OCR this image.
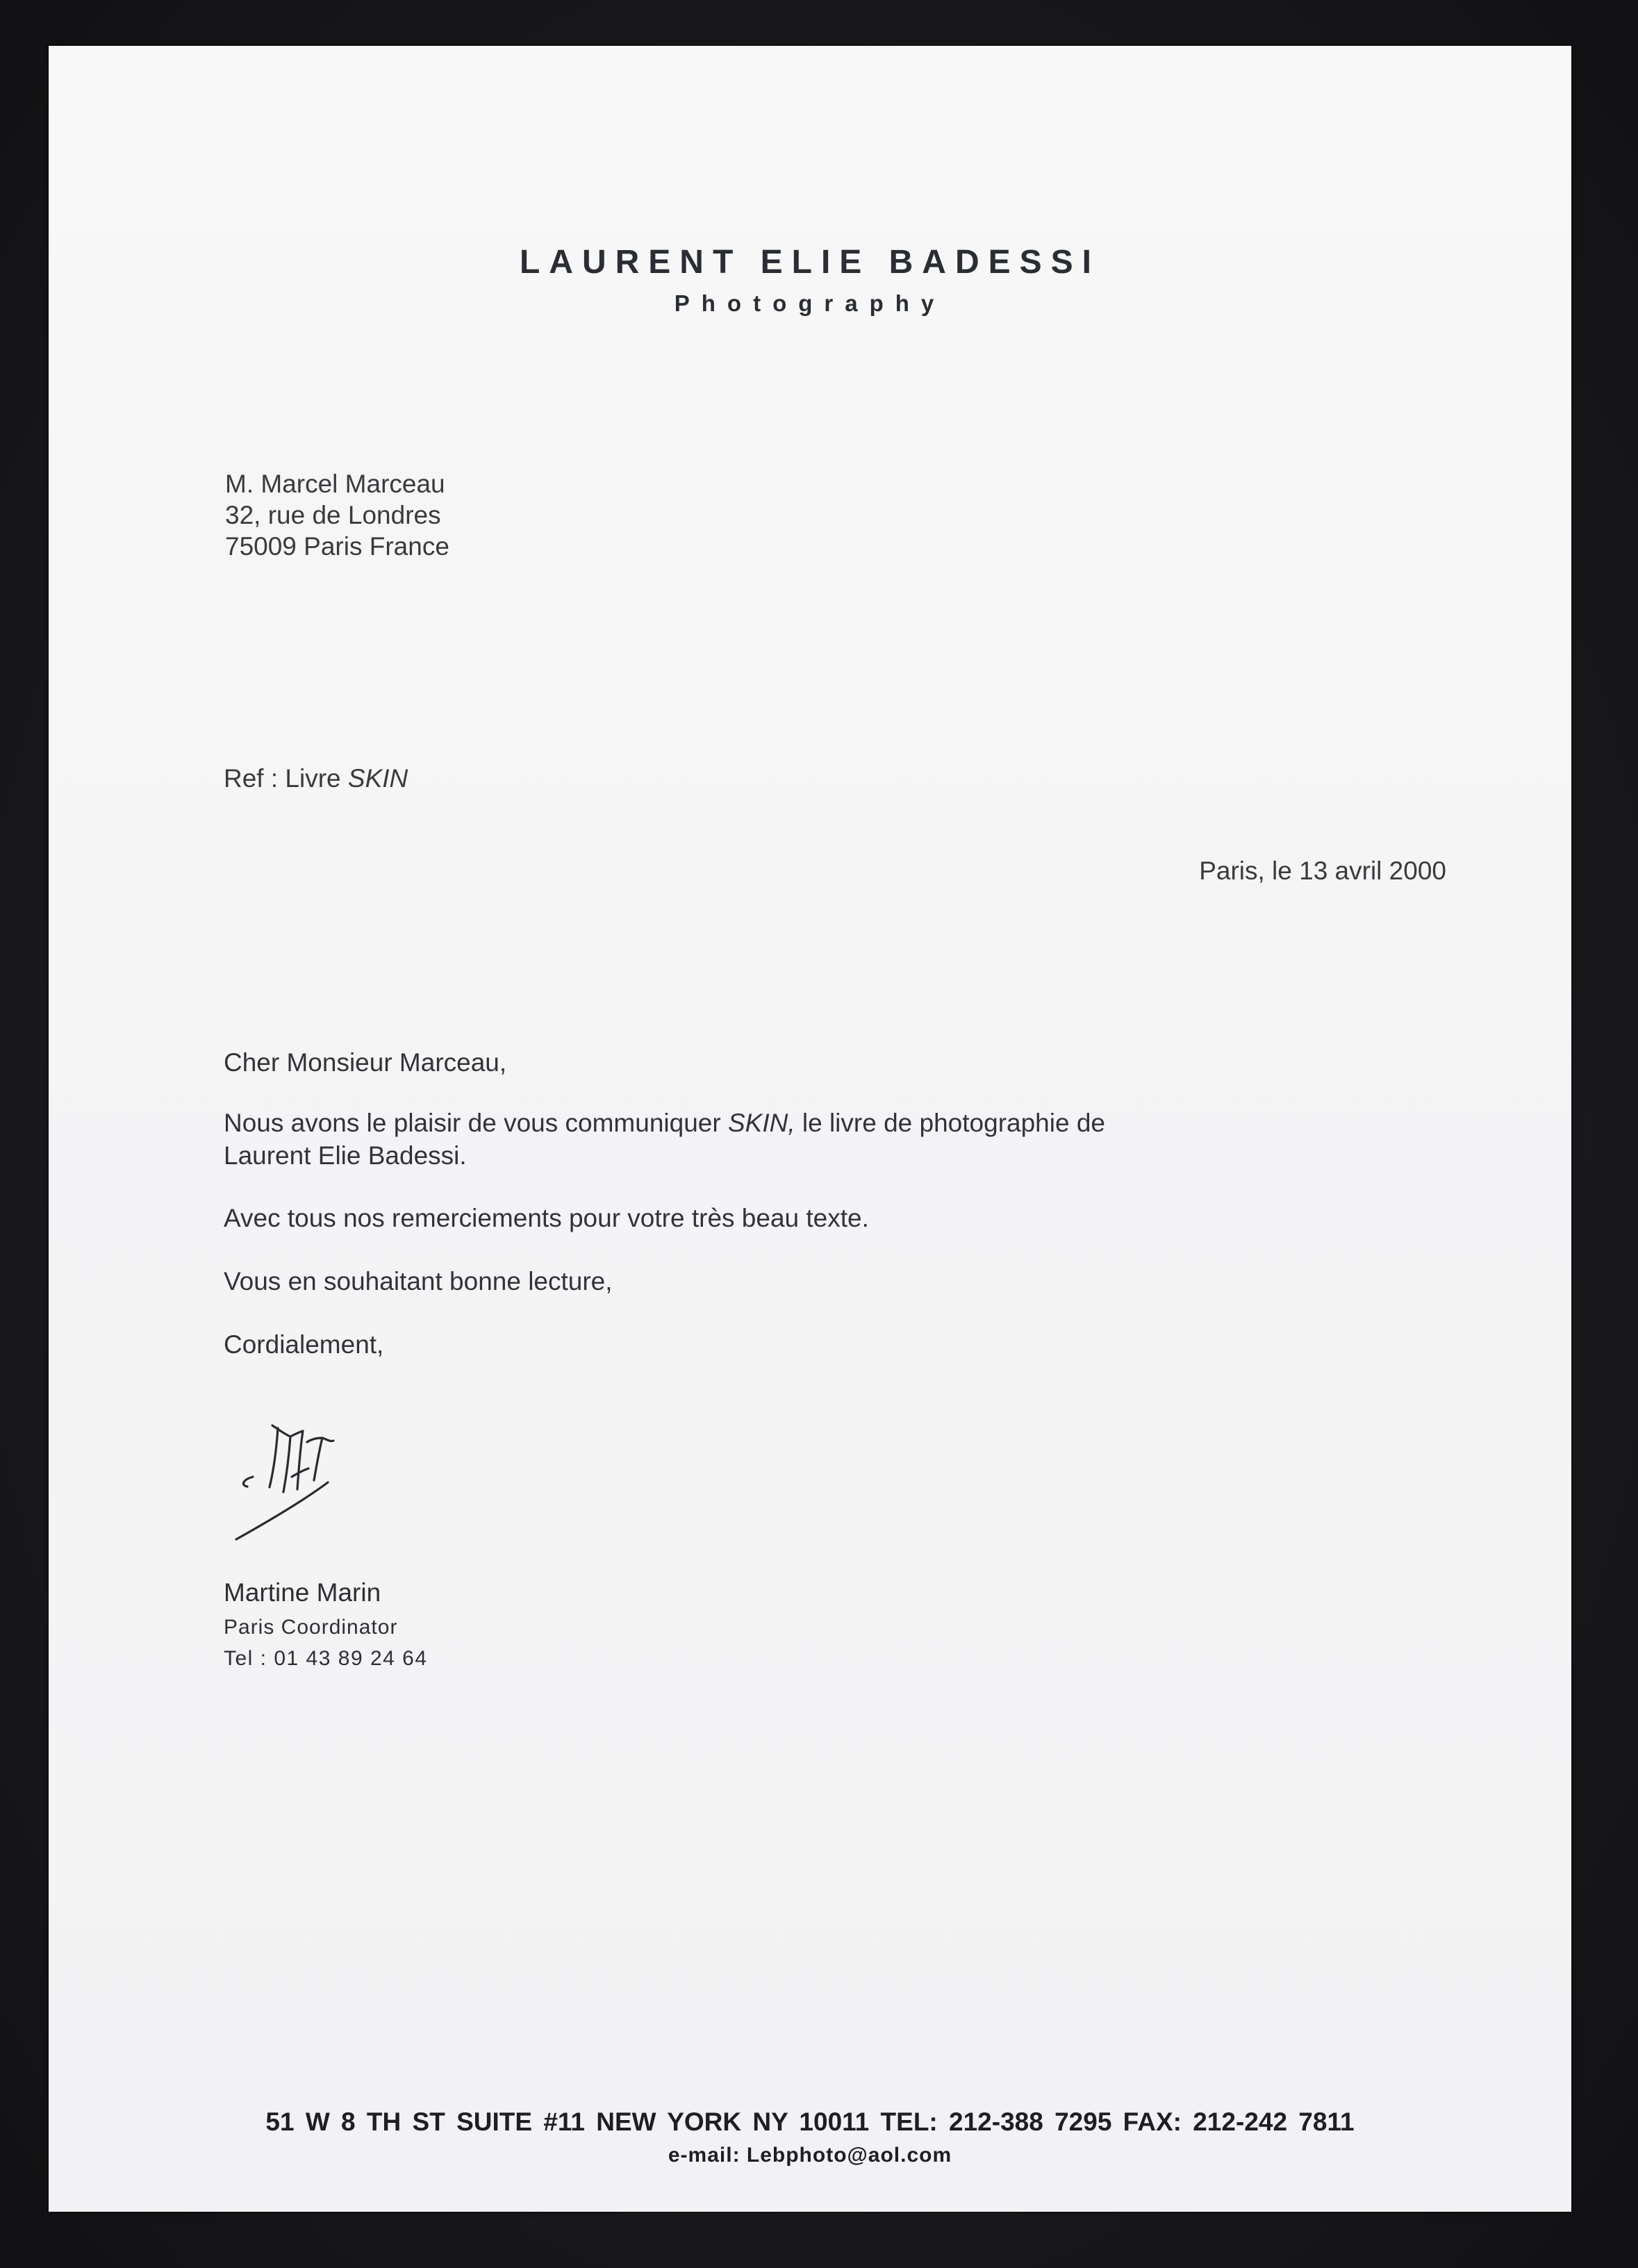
LAURENT ELIE BADESSI
Photography
M. Marcel Marceau
32, rue de Londres
75009 Paris France
Ref : Livre SKIN
Paris, le 13 avril 2000
Cher Monsieur Marceau,
Nous avons le plaisir de vous communiquer SKIN, le livre de photographie de
Laurent Elie Badessi.
Avec tous nos remerciements pour votre très beau texte.
Vous en souhaitant bonne lecture,
Cordialement,
Martine Marin
Paris Coordinator
Tel : 01 43 89 24 64
51 W 8 TH ST SUITE #11 NEW YORK NY 10011 TEL: 212-388 7295 FAX: 212-242 7811
e-mail: Lebphoto@aol.com
